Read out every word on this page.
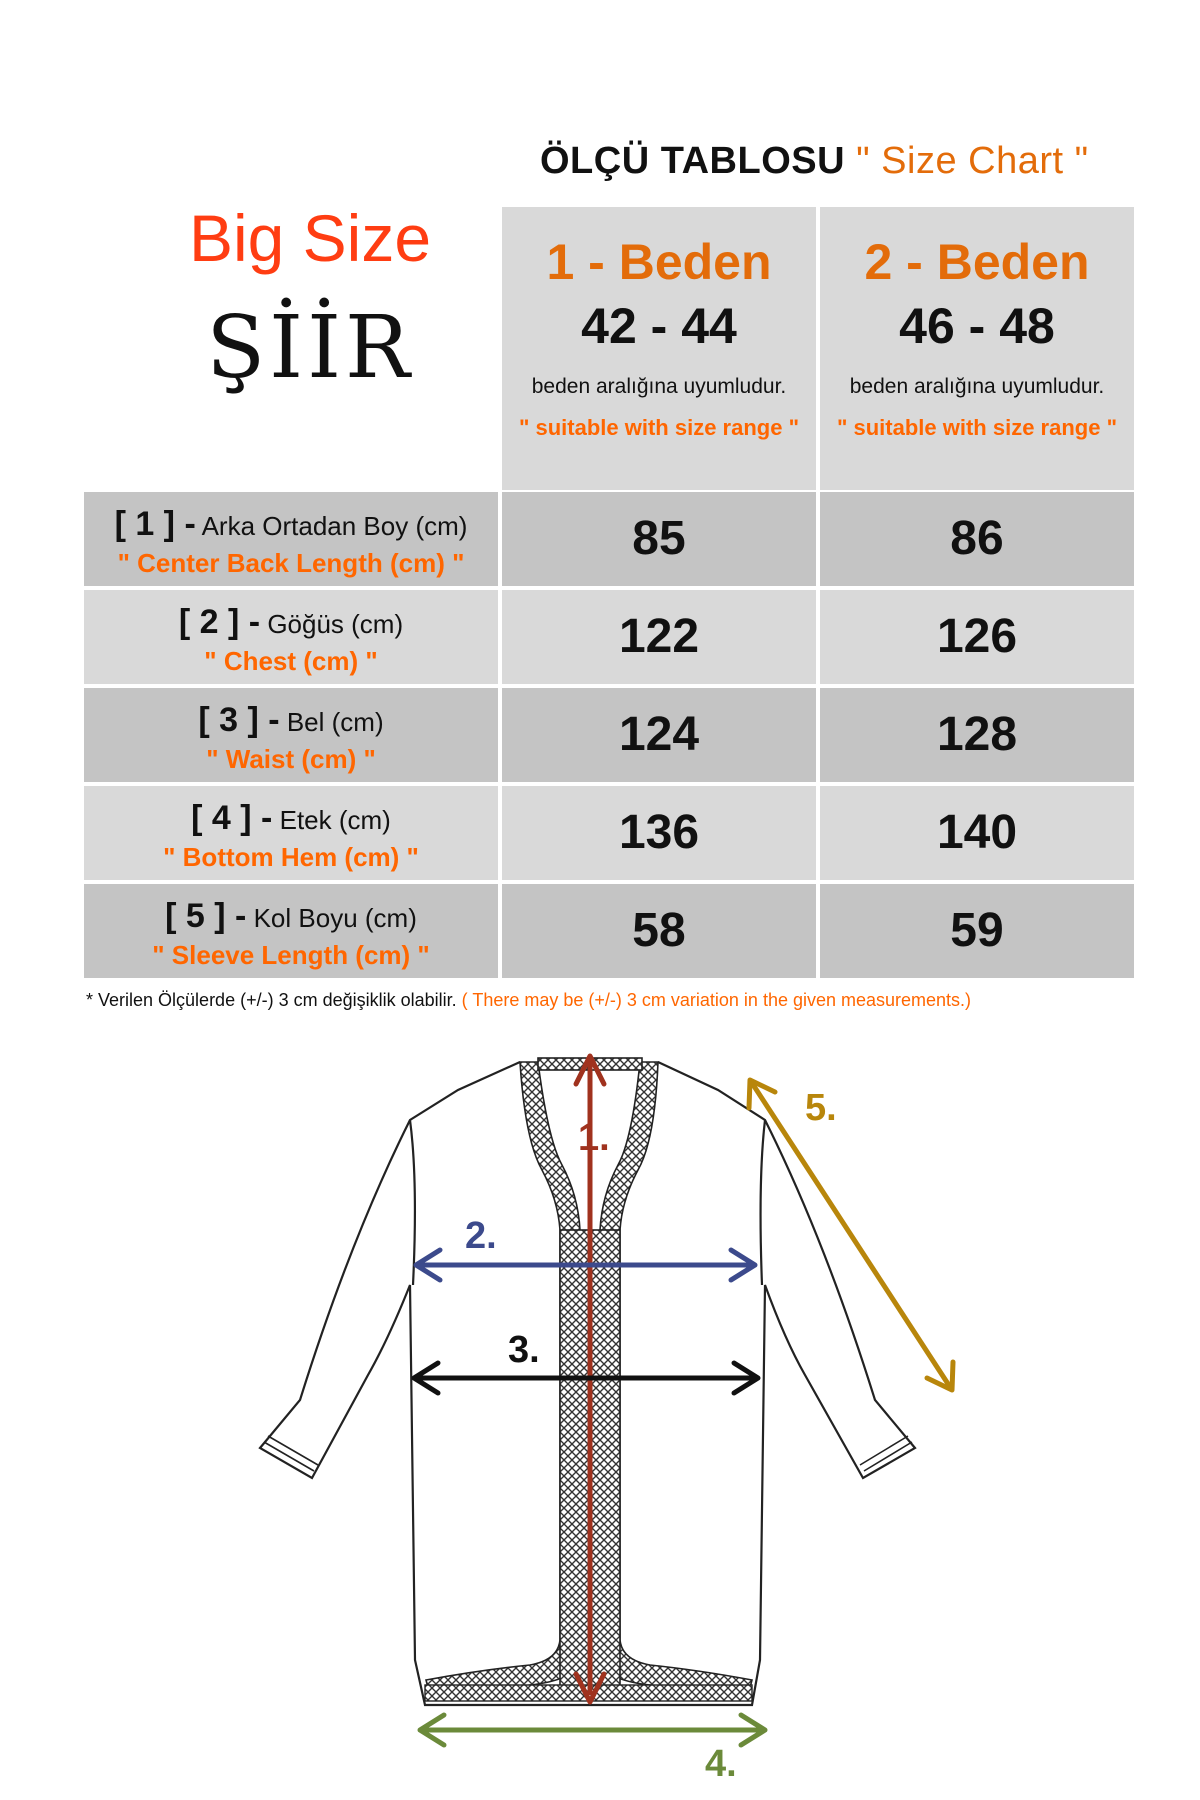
ÖLÇÜ TABLOSU " Size Chart "
Big Size
ŞİİR
1 - Beden
42 - 44
beden aralığına uyumludur.
" suitable with size range "
2 - Beden
46 - 48
beden aralığına uyumludur.
" suitable with size range "
[ 1 ] - Arka Ortadan Boy (cm)
" Center Back Length (cm) "	85	86
[ 2 ] - Göğüs (cm)
" Chest (cm) "	122	126
[ 3 ] - Bel (cm)
" Waist (cm) "	124	128
[ 4 ] - Etek (cm)
" Bottom Hem (cm) "	136	140
[ 5 ] - Kol Boyu (cm)
" Sleeve Length (cm) "	58	59
* Verilen Ölçülerde (+/-) 3 cm değişiklik olabilir. ( There may be (+/-) 3 cm variation in the given measurements.)
1.
2.
3.
4.
5.
